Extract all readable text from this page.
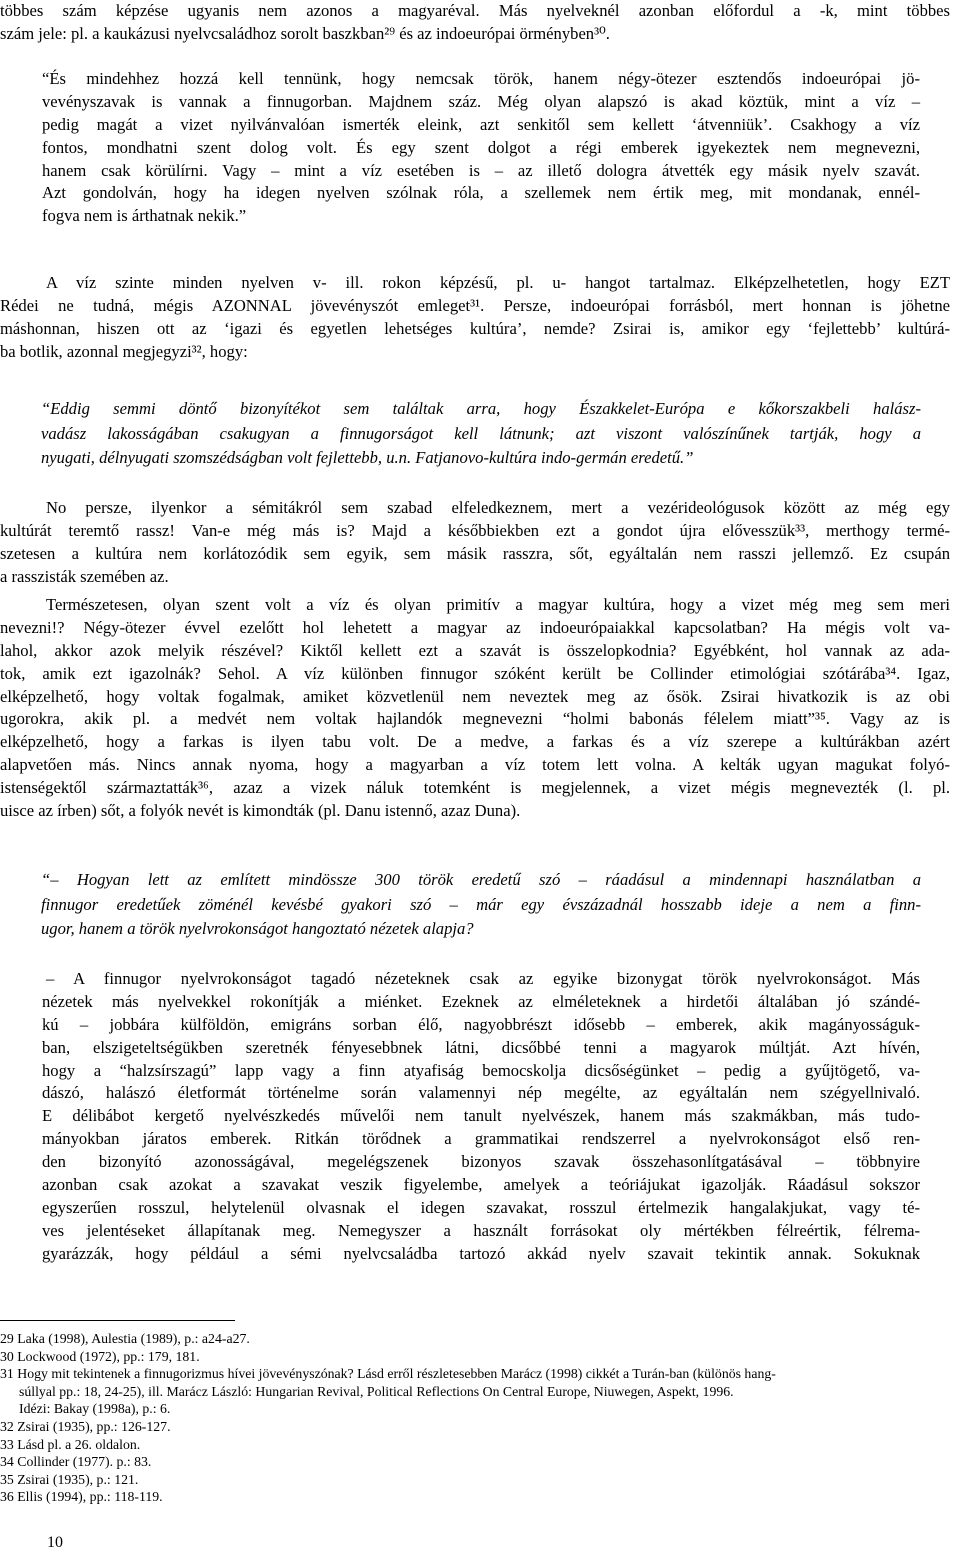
többes szám képzése ugyanis nem azonos a magyaréval. Más nyelveknél azonban előfordul a -k, mint többes
szám jele: pl. a kaukázusi nyelvcsaládhoz sorolt baszkban²⁹ és az indoeurópai örményben³⁰.
“És mindehhez hozzá kell tennünk, hogy nemcsak török, hanem négy-ötezer esztendős indoeurópai jö-
vevényszavak is vannak a finnugorban. Majdnem száz. Még olyan alapszó is akad köztük, mint a víz –
pedig magát a vizet nyilvánvalóan ismerték eleink, azt senkitől sem kellett ‘átvenniük’. Csakhogy a víz
fontos, mondhatni szent dolog volt. És egy szent dolgot a régi emberek igyekeztek nem megnevezni,
hanem csak körülírni. Vagy – mint a víz esetében is – az illető dologra átvették egy másik nyelv szavát.
Azt gondolván, hogy ha idegen nyelven szólnak róla, a szellemek nem értik meg, mit mondanak, ennél-
fogva nem is árthatnak nekik.”
A víz szinte minden nyelven v- ill. rokon képzésű, pl. u- hangot tartalmaz. Elképzelhetetlen, hogy EZT
Rédei ne tudná, mégis AZONNAL jövevényszót emleget³¹. Persze, indoeurópai forrásból, mert honnan is jöhetne
máshonnan, hiszen ott az ‘igazi és egyetlen lehetséges kultúra’, nemde? Zsirai is, amikor egy ‘fejlettebb’ kultúrá-
ba botlik, azonnal megjegyzi³², hogy:
“Eddig semmi döntő bizonyítékot sem találtak arra, hogy Északkelet-Európa e kőkorszakbeli halász-
vadász lakosságában csakugyan a finnugorságot kell látnunk; azt viszont valószínűnek tartják, hogy a
nyugati, délnyugati szomszédságban volt fejlettebb, u.n. Fatjanovo-kultúra indo-germán eredetű.”
No persze, ilyenkor a sémitákról sem szabad elfeledkeznem, mert a vezérideológusok között az még egy
kultúrát teremtő rassz! Van-e még más is? Majd a későbbiekben ezt a gondot újra elővesszük³³, merthogy termé-
szetesen a kultúra nem korlátozódik sem egyik, sem másik rasszra, sőt, egyáltalán nem rasszi jellemző. Ez csupán
a rasszisták szemében az.
Természetesen, olyan szent volt a víz és olyan primitív a magyar kultúra, hogy a vizet még meg sem meri
nevezni!? Négy-ötezer évvel ezelőtt hol lehetett a magyar az indoeurópaiakkal kapcsolatban? Ha mégis volt va-
lahol, akkor azok melyik részével? Kiktől kellett ezt a szavát is összelopkodnia? Egyébként, hol vannak az ada-
tok, amik ezt igazolnák? Sehol. A víz különben finnugor szóként került be Collinder etimológiai szótárába³⁴. Igaz,
elképzelhető, hogy voltak fogalmak, amiket közvetlenül nem neveztek meg az ősök. Zsirai hivatkozik is az obi
ugorokra, akik pl. a medvét nem voltak hajlandók megnevezni “holmi babonás félelem miatt”³⁵. Vagy az is
elképzelhető, hogy a farkas is ilyen tabu volt. De a medve, a farkas és a víz szerepe a kultúrákban azért
alapvetően más. Nincs annak nyoma, hogy a magyarban a víz totem lett volna. A kelták ugyan magukat folyó-
istenségektől származtatták³⁶, azaz a vizek náluk totemként is megjelennek, a vizet mégis megnevezték (l. pl.
uisce az írben) sőt, a folyók nevét is kimondták (pl. Danu istennő, azaz Duna).
“– Hogyan lett az említett mindössze 300 török eredetű szó – ráadásul a mindennapi használatban a
finnugor eredetűek zöménél kevésbé gyakori szó – már egy évszázadnál hosszabb ideje a nem a finn-
ugor, hanem a török nyelvrokonságot hangoztató nézetek alapja?
– A finnugor nyelvrokonságot tagadó nézeteknek csak az egyike bizonygat török nyelvrokonságot. Más
nézetek más nyelvekkel rokonítják a miénket. Ezeknek az elméleteknek a hirdetői általában jó szándé-
kú – jobbára külföldön, emigráns sorban élő, nagyobbrészt idősebb – emberek, akik magányosságuk-
ban, elszigeteltségükben szeretnék fényesebbnek látni, dicsőbbé tenni a magyarok múltját. Azt hívén,
hogy a “halzsírszagú” lapp vagy a finn atyafiság bemocskolja dicsőségünket – pedig a gyűjtögető, va-
dászó, halászó életformát történelme során valamennyi nép megélte, az egyáltalán nem szégyellnivaló.
E délibábot kergető nyelvészkedés művelői nem tanult nyelvészek, hanem más szakmákban, más tudo-
mányokban járatos emberek. Ritkán törődnek a grammatikai rendszerrel a nyelvrokonságot első ren-
den bizonyító azonosságával, megelégszenek bizonyos szavak összehasonlítgatásával – többnyire
azonban csak azokat a szavakat veszik figyelembe, amelyek a teóriájukat igazolják. Ráadásul sokszor
egyszerűen rosszul, helytelenül olvasnak el idegen szavakat, rosszul értelmezik hangalakjukat, vagy té-
ves jelentéseket állapítanak meg. Nemegyszer a használt forrásokat oly mértékben félreértik, félrema-
gyarázzák, hogy például a sémi nyelvcsaládba tartozó akkád nyelv szavait tekintik annak. Sokuknak
29 Laka (1998), Aulestia (1989), p.: a24-a27.
30 Lockwood (1972), pp.: 179, 181.
31 Hogy mit tekintenek a finnugorizmus hívei jövevényszónak? Lásd erről részletesebben Marácz (1998) cikkét a Turán-ban (különös hang-
súllyal pp.: 18, 24-25), ill. Marácz László: Hungarian Revival, Political Reflections On Central Europe, Niuwegen, Aspekt, 1996.
Idézi: Bakay (1998a), p.: 6.
32 Zsirai (1935), pp.: 126-127.
33 Lásd pl. a 26. oldalon.
34 Collinder (1977). p.: 83.
35 Zsirai (1935), p.: 121.
36 Ellis (1994), pp.: 118-119.
10
